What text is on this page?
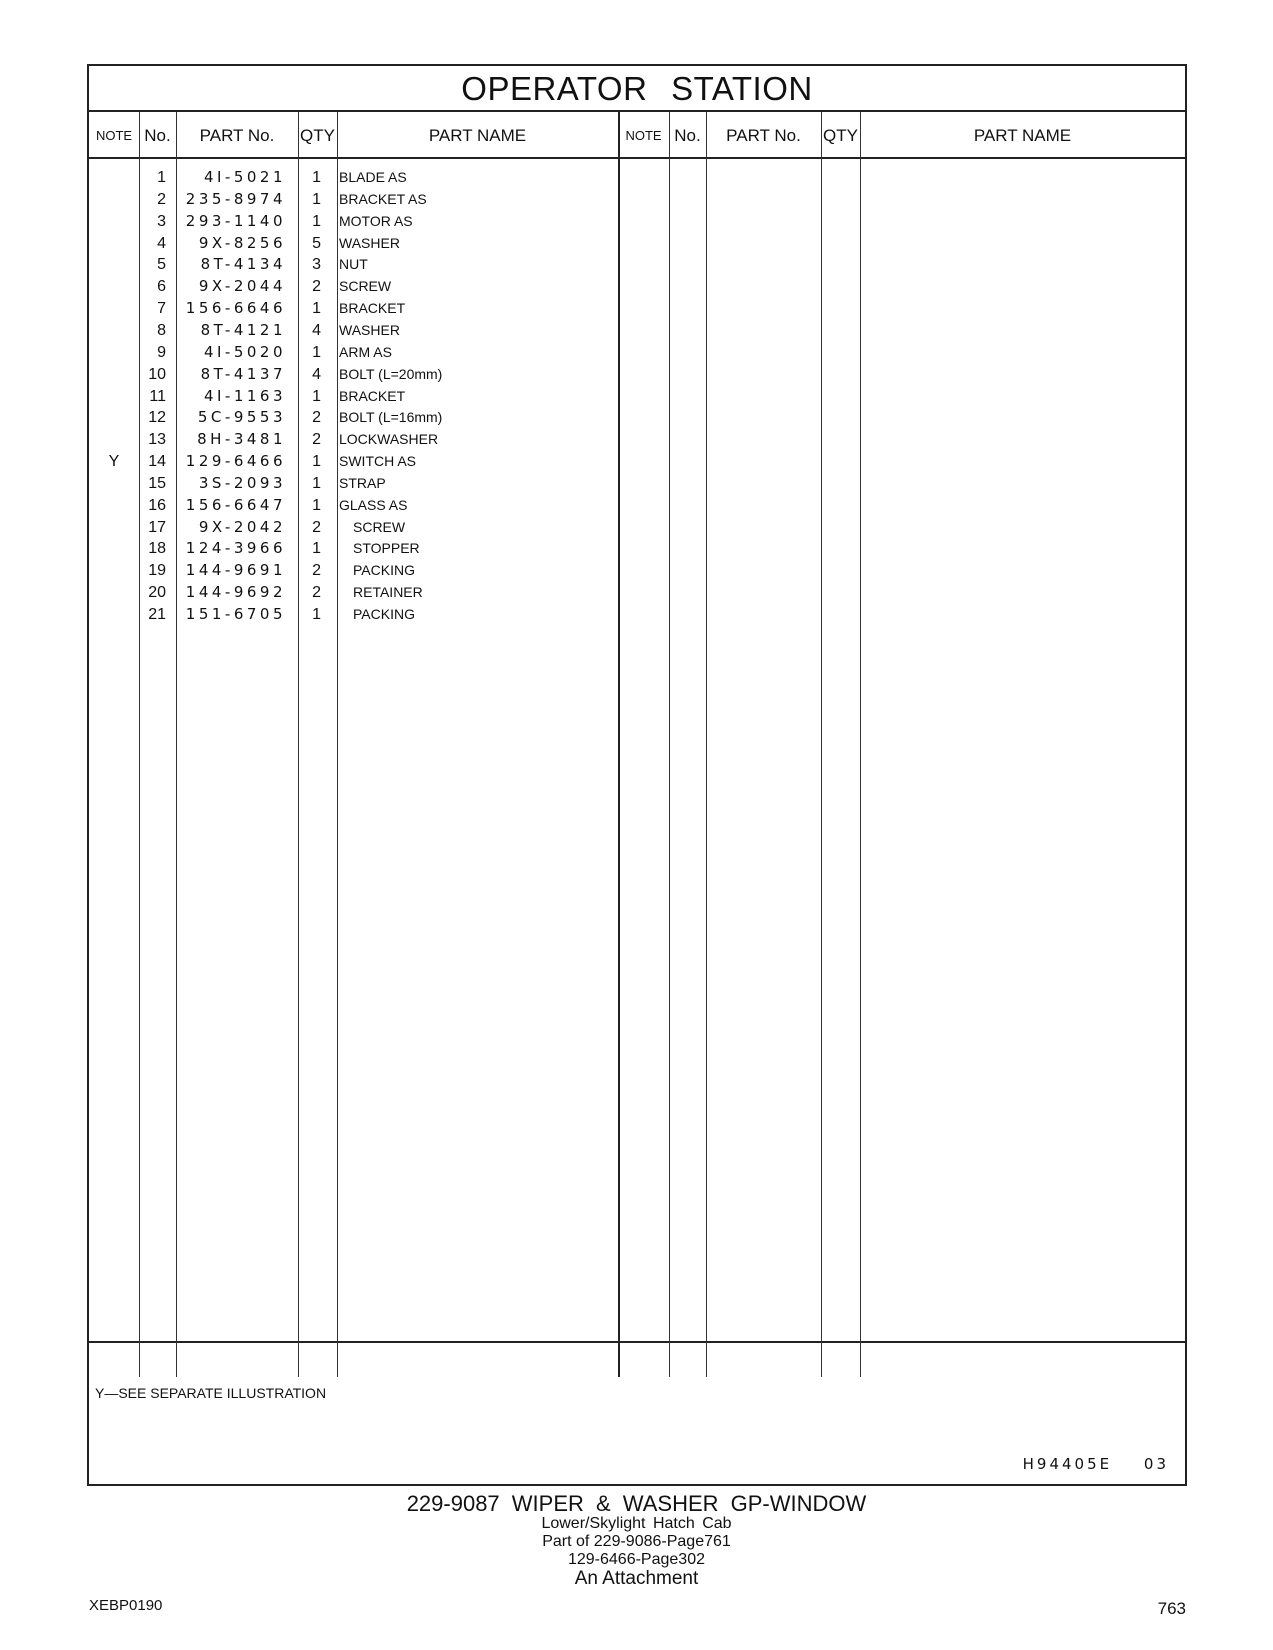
OPERATOR STATION
NOTE No.	PART No.	QTY	PART NAME	NOTE No.	PART No.	QTY	PART NAME
1	4I-5021	1 BLADE AS
2	235-8974	1 BRACKET AS
3	293-1140	1 MOTOR AS
4	9X-8256	5 WASHER
5	8T-4134	3 NUT
6	9X-2044	2 SCREW
7	156-6646	1 BRACKET
8	8T-4121	4 WASHER
9	4I-5020	1 ARM AS
10	8T-4137	4 BOLT (L=20mm)
11	4I-1163	1 BRACKET
12	5C-9553	2 BOLT (L=16mm)
13	8H-3481	2 LOCKWASHER
Y	14	129-6466	1 SWITCH AS
15	3S-2093	1 STRAP
16	156-6647	1 GLASS AS
17	9X-2042	2 SCREW
18	124-3966	1 STOPPER
19	144-9691	2 PACKING
20	144-9692	2 RETAINER
21	151-6705	1 PACKING
Y—SEE SEPARATE ILLUSTRATION
H94405E 03
229-9087 WIPER & WASHER GP-WINDOW
Lower/Skylight Hatch Cab
Part of 229-9086-Page761
129-6466-Page302
An Attachment
XEBP0190	763
